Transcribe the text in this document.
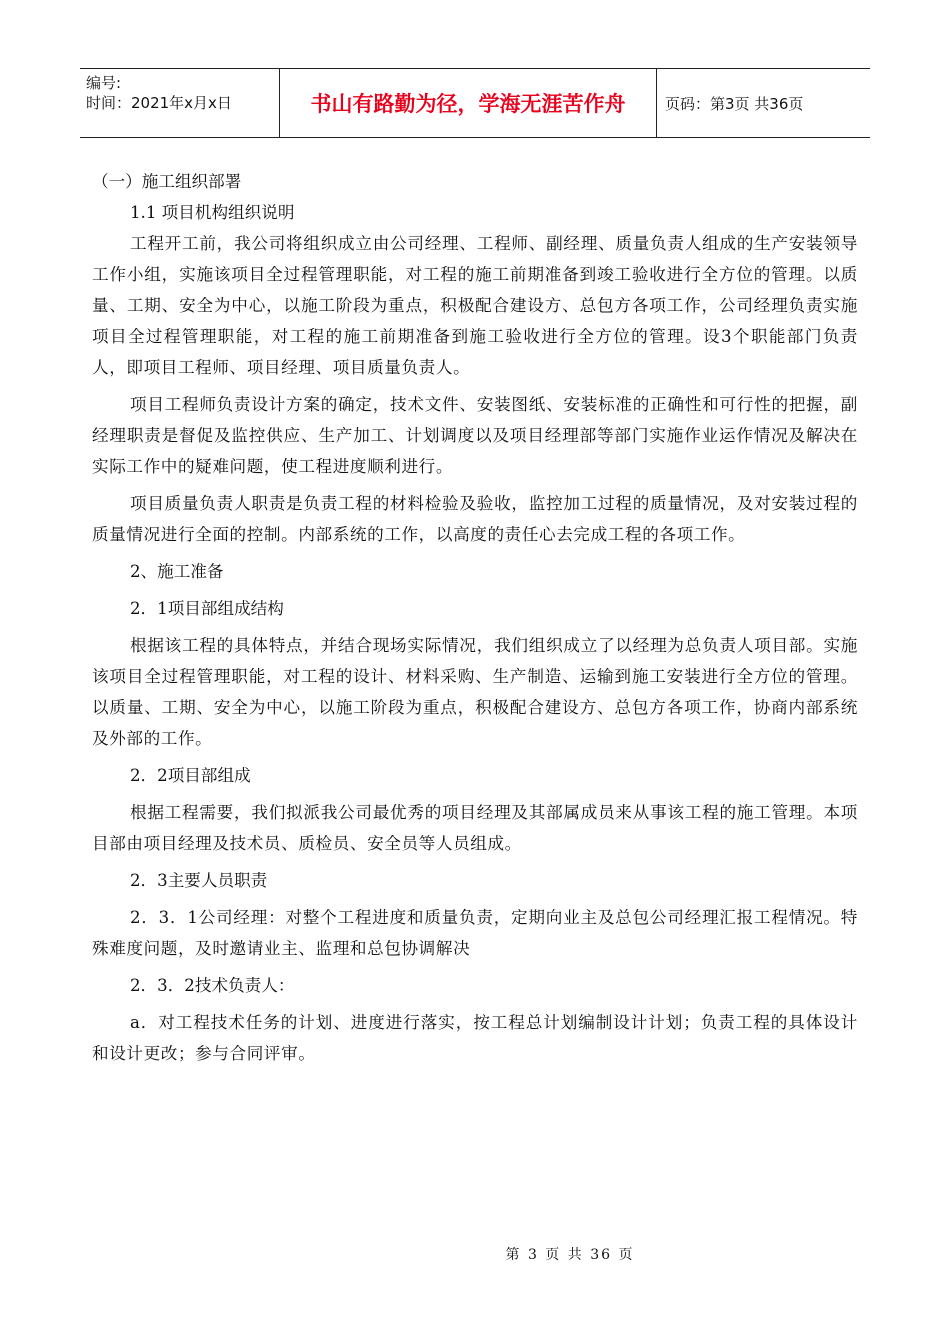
编号:
时间：2021年x月x日	书山有路勤为径，学海无涯苦作舟	页码：第3页 共36页

（一）施工组织部署

1.1 项目机构组织说明

工程开工前，我公司将组织成立由公司经理、工程师、副经理、质量负责人组成的生产安装领导工作小组，实施该项目全过程管理职能，对工程的施工前期准备到竣工验收进行全方位的管理。以质量、工期、安全为中心，以施工阶段为重点，积极配合建设方、总包方各项工作，公司经理负责实施项目全过程管理职能，对工程的施工前期准备到施工验收进行全方位的管理。设3个职能部门负责人，即项目工程师、项目经理、项目质量负责人。

项目工程师负责设计方案的确定，技术文件、安装图纸、安装标准的正确性和可行性的把握，副经理职责是督促及监控供应、生产加工、计划调度以及项目经理部等部门实施作业运作情况及解决在实际工作中的疑难问题，使工程进度顺利进行。

项目质量负责人职责是负责工程的材料检验及验收，监控加工过程的质量情况，及对安装过程的质量情况进行全面的控制。内部系统的工作，以高度的责任心去完成工程的各项工作。

2、施工准备

2．1项目部组成结构

根据该工程的具体特点，并结合现场实际情况，我们组织成立了以经理为总负责人项目部。实施该项目全过程管理职能，对工程的设计、材料采购、生产制造、运输到施工安装进行全方位的管理。以质量、工期、安全为中心，以施工阶段为重点，积极配合建设方、总包方各项工作，协商内部系统及外部的工作。

2．2项目部组成

根据工程需要，我们拟派我公司最优秀的项目经理及其部属成员来从事该工程的施工管理。本项目部由项目经理及技术员、质检员、安全员等人员组成。

2．3主要人员职责

2．3．1公司经理：对整个工程进度和质量负责，定期向业主及总包公司经理汇报工程情况。特殊难度问题，及时邀请业主、监理和总包协调解决

2．3．2技术负责人：

a．对工程技术任务的计划、进度进行落实，按工程总计划编制设计计划；负责工程的具体设计和设计更改；参与合同评审。

第 3 页 共 36 页
